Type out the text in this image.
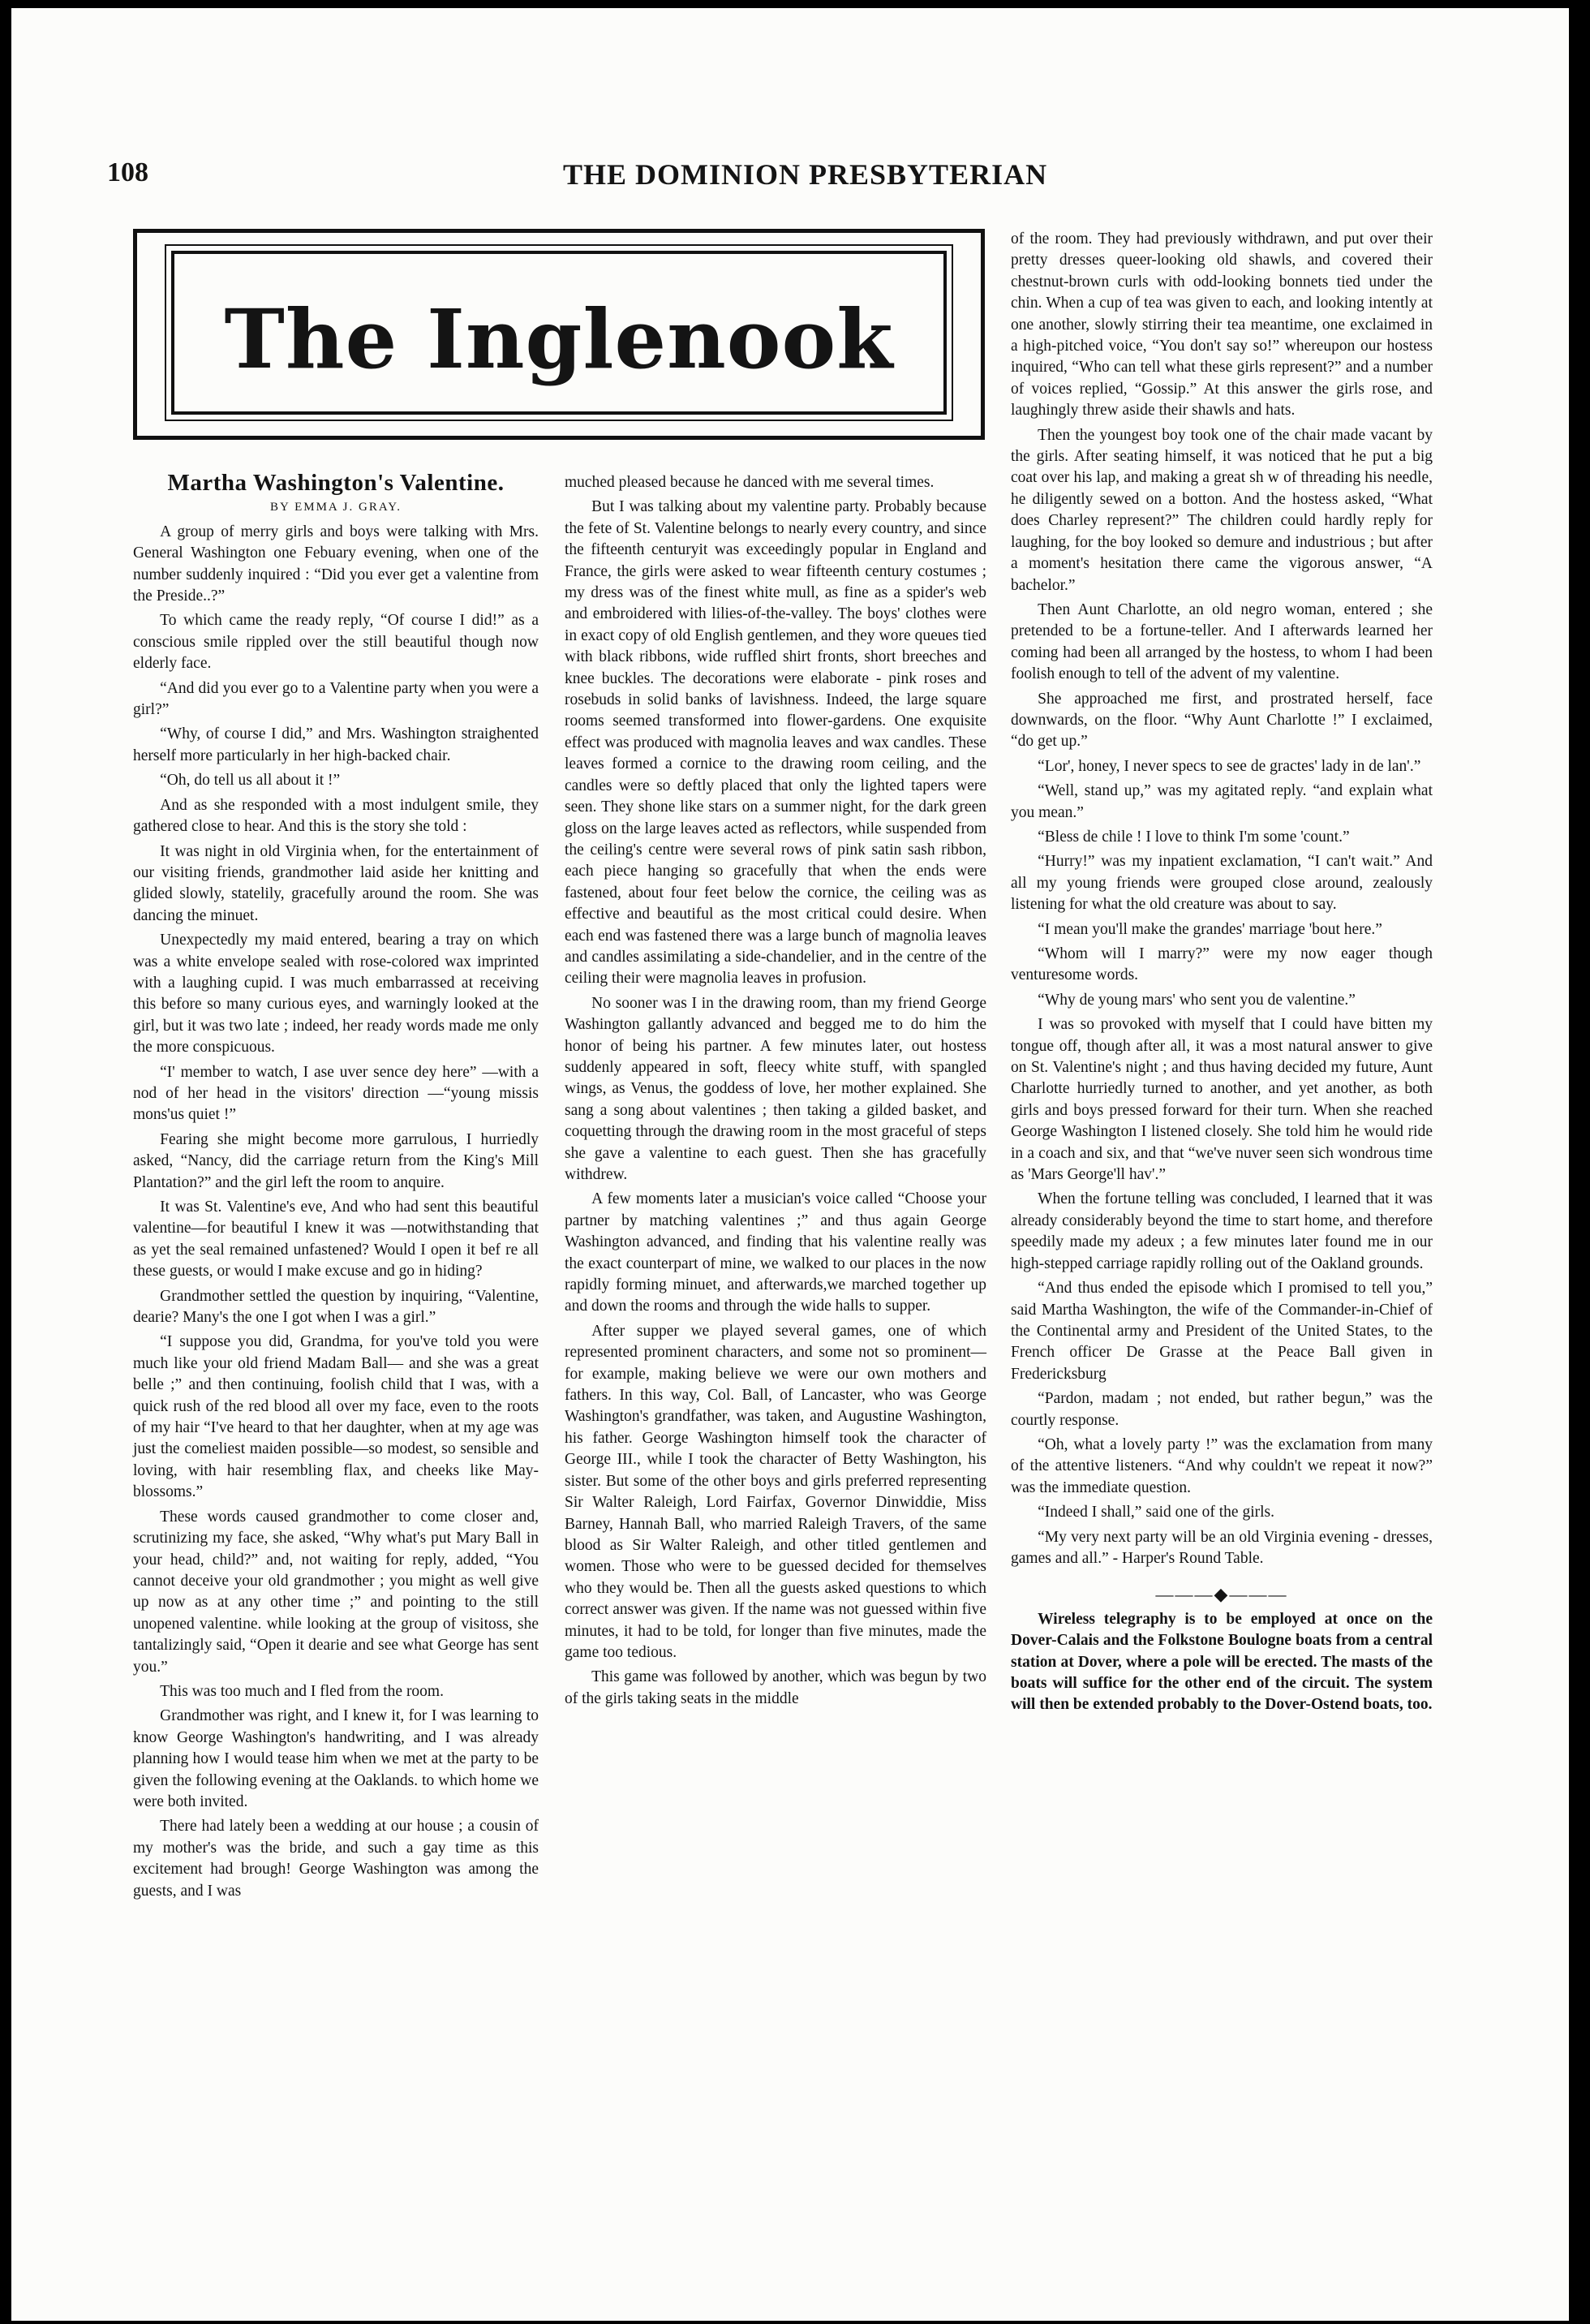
108	THE DOMINION PRESBYTERIAN
The Inglenook

Martha Washington's Valentine.

BY EMMA J. GRAY.

A group of merry girls and boys were talking with Mrs. General Washington one Febuary evening, when one of the number suddenly inquired : “Did you ever get a valentine from the Preside..?”

To which came the ready reply, “Of course I did!” as a conscious smile rippled over the still beautiful though now elderly face.

“And did you ever go to a Valentine party when you were a girl?”

“Why, of course I did,” and Mrs. Washington straighented herself more particularly in her high-backed chair.

“Oh, do tell us all about it !”

And as she responded with a most indulgent smile, they gathered close to hear. And this is the story she told :

It was night in old Virginia when, for the entertainment of our visiting friends, grandmother laid aside her knitting and glided slowly, statelily, gracefully around the room. She was dancing the minuet.

Unexpectedly my maid entered, bearing a tray on which was a white envelope sealed with rose-colored wax imprinted with a laughing cupid. I was much embarrassed at receiving this before so many curious eyes, and warningly looked at the girl, but it was two late ; indeed, her ready words made me only the more conspicuous.

“I' member to watch, I ase uver sence dey here” —with a nod of her head in the visitors' direction —“young missis mons'us quiet !”

Fearing she might become more garrulous, I hurriedly asked, “Nancy, did the carriage return from the King's Mill Plantation?” and the girl left the room to anquire.

It was St. Valentine's eve, And who had sent this beautiful valentine—for beautiful I knew it was —notwithstanding that as yet the seal remained unfastened? Would I open it bef re all these guests, or would I make excuse and go in hiding?

Grandmother settled the question by inquiring, “Valentine, dearie? Many's the one I got when I was a girl.”

“I suppose you did, Grandma, for you've told you were much like your old friend Madam Ball— and she was a great belle ;” and then continuing, foolish child that I was, with a quick rush of the red blood all over my face, even to the roots of my hair “I've heard to that her daughter, when at my age was just the comeliest maiden possible—so modest, so sensible and loving, with hair resembling flax, and cheeks like May-blossoms.”

These words caused grandmother to come closer and, scrutinizing my face, she asked, “Why what's put Mary Ball in your head, child?” and, not waiting for reply, added, “You cannot deceive your old grandmother ; you might as well give up now as at any other time ;” and pointing to the still unopened valentine. while looking at the group of visitoss, she tantalizingly said, “Open it dearie and see what George has sent you.”

This was too much and I fled from the room.

Grandmother was right, and I knew it, for I was learning to know George Washington's handwriting, and I was already planning how I would tease him when we met at the party to be given the following evening at the Oaklands. to which home we were both invited.

There had lately been a wedding at our house ; a cousin of my mother's was the bride, and such a gay time as this excitement had brough! George Washington was among the guests, and I was

muched pleased because he danced with me several times.

But I was talking about my valentine party. Probably because the fete of St. Valentine belongs to nearly every country, and since the fifteenth centuryit was exceedingly popular in England and France, the girls were asked to wear fifteenth century costumes ; my dress was of the finest white mull, as fine as a spider's web and embroidered with lilies-of-the-valley. The boys' clothes were in exact copy of old English gentlemen, and they wore queues tied with black ribbons, wide ruffled shirt fronts, short breeches and knee buckles. The decorations were elaborate - pink roses and rosebuds in solid banks of lavishness. Indeed, the large square rooms seemed transformed into flower-gardens. One exquisite effect was produced with magnolia leaves and wax candles. These leaves formed a cornice to the drawing room ceiling, and the candles were so deftly placed that only the lighted tapers were seen. They shone like stars on a summer night, for the dark green gloss on the large leaves acted as reflectors, while suspended from the ceiling's centre were several rows of pink satin sash ribbon, each piece hanging so gracefully that when the ends were fastened, about four feet below the cornice, the ceiling was as effective and beautiful as the most critical could desire. When each end was fastened there was a large bunch of magnolia leaves and candles assimilating a side-chandelier, and in the centre of the ceiling their were magnolia leaves in profusion.

No sooner was I in the drawing room, than my friend George Washington gallantly advanced and begged me to do him the honor of being his partner. A few minutes later, out hostess suddenly appeared in soft, fleecy white stuff, with spangled wings, as Venus, the goddess of love, her mother explained. She sang a song about valentines ; then taking a gilded basket, and coquetting through the drawing room in the most graceful of steps she gave a valentine to each guest. Then she has gracefully withdrew.

A few moments later a musician's voice called “Choose your partner by matching valentines ;” and thus again George Washington advanced, and finding that his valentine really was the exact counterpart of mine, we walked to our places in the now rapidly forming minuet, and afterwards,we marched together up and down the rooms and through the wide halls to supper.

After supper we played several games, one of which represented prominent characters, and some not so prominent—for example, making believe we were our own mothers and fathers. In this way, Col. Ball, of Lancaster, who was George Washington's grandfather, was taken, and Augustine Washington, his father. George Washington himself took the character of George III., while I took the character of Betty Washington, his sister. But some of the other boys and girls preferred representing Sir Walter Raleigh, Lord Fairfax, Governor Dinwiddie, Miss Barney, Hannah Ball, who married Raleigh Travers, of the same blood as Sir Walter Raleigh, and other titled gentlemen and women. Those who were to be guessed decided for themselves who they would be. Then all the guests asked questions to which correct answer was given. If the name was not guessed within five minutes, it had to be told, for longer than five minutes, made the game too tedious.

This game was followed by another, which was begun by two of the girls taking seats in the middle

of the room. They had previously withdrawn, and put over their pretty dresses queer-looking old shawls, and covered their chestnut-brown curls with odd-looking bonnets tied under the chin. When a cup of tea was given to each, and looking intently at one another, slowly stirring their tea meantime, one exclaimed in a high-pitched voice, “You don't say so!” whereupon our hostess inquired, “Who can tell what these girls represent?” and a number of voices replied, “Gossip.” At this answer the girls rose, and laughingly threw aside their shawls and hats.

Then the youngest boy took one of the chair made vacant by the girls. After seating himself, it was noticed that he put a big coat over his lap, and making a great sh w of threading his needle, he diligently sewed on a botton. And the hostess asked, “What does Charley represent?” The children could hardly reply for laughing, for the boy looked so demure and industrious ; but after a moment's hesitation there came the vigorous answer, “A bachelor.”

Then Aunt Charlotte, an old negro woman, entered ; she pretended to be a fortune-teller. And I afterwards learned her coming had been all arranged by the hostess, to whom I had been foolish enough to tell of the advent of my valentine.

She approached me first, and prostrated herself, face downwards, on the floor. “Why Aunt Charlotte !” I exclaimed, “do get up.”

“Lor', honey, I never specs to see de gractes' lady in de lan'.”

“Well, stand up,” was my agitated reply. “and explain what you mean.”

“Bless de chile ! I love to think I'm some 'count.”

“Hurry!” was my inpatient exclamation, “I can't wait.” And all my young friends were grouped close around, zealously listening for what the old creature was about to say.

“I mean you'll make the grandes' marriage 'bout here.”

“Whom will I marry?” were my now eager though venturesome words.

“Why de young mars' who sent you de valentine.”

I was so provoked with myself that I could have bitten my tongue off, though after all, it was a most natural answer to give on St. Valentine's night ; and thus having decided my future, Aunt Charlotte hurriedly turned to another, and yet another, as both girls and boys pressed forward for their turn. When she reached George Washington I listened closely. She told him he would ride in a coach and six, and that “we've nuver seen sich wondrous time as 'Mars George'll hav'.”

When the fortune telling was concluded, I learned that it was already considerably beyond the time to start home, and therefore speedily made my adeux ; a few minutes later found me in our high-stepped carriage rapidly rolling out of the Oakland grounds.

“And thus ended the episode which I promised to tell you,” said Martha Washington, the wife of the Commander-in-Chief of the Continental army and President of the United States, to the French officer De Grasse at the Peace Ball given in Fredericksburg

“Pardon, madam ; not ended, but rather begun,” was the courtly response.

“Oh, what a lovely party !” was the exclamation from many of the attentive listeners. “And why couldn't we repeat it now?” was the immediate question.

“Indeed I shall,” said one of the girls.

“My very next party will be an old Virginia evening - dresses, games and all.” - Harper's Round Table.

———◆———

Wireless telegraphy is to be employed at once on the Dover-Calais and the Folkstone Boulogne boats from a central station at Dover, where a pole will be erected. The masts of the boats will suffice for the other end of the circuit. The system will then be extended probably to the Dover-Ostend boats, too.
